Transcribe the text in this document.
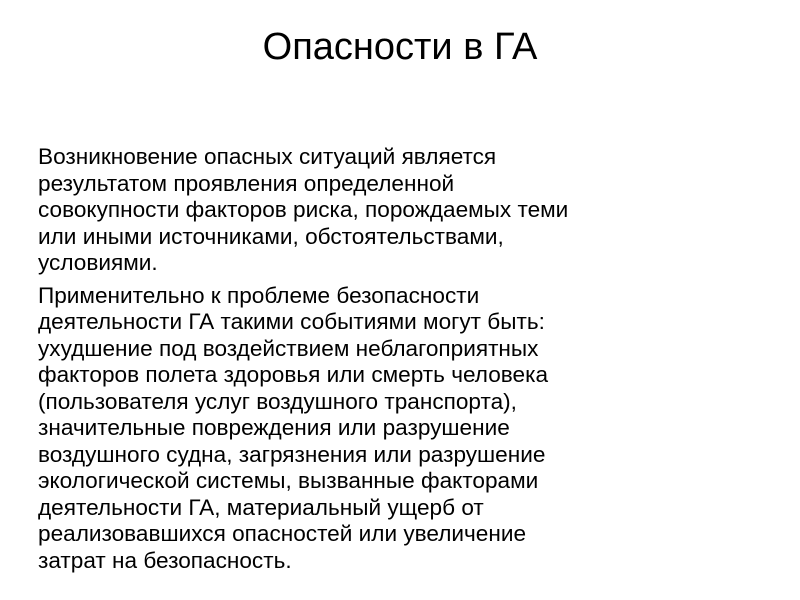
Опасности в ГА

Возникновение опасных ситуаций является
результатом проявления определенной
совокупности факторов риска, порождаемых теми
или иными источниками, обстоятельствами,
условиями.

Применительно к проблеме безопасности
деятельности ГА такими событиями могут быть:
ухудшение под воздействием неблагоприятных
факторов полета здоровья или смерть человека
(пользователя услуг воздушного транспорта),
значительные повреждения или разрушение
воздушного судна, загрязнения или разрушение
экологической системы, вызванные факторами
деятельности ГА, материальный ущерб от
реализовавшихся опасностей или увеличение
затрат на безопасность.
